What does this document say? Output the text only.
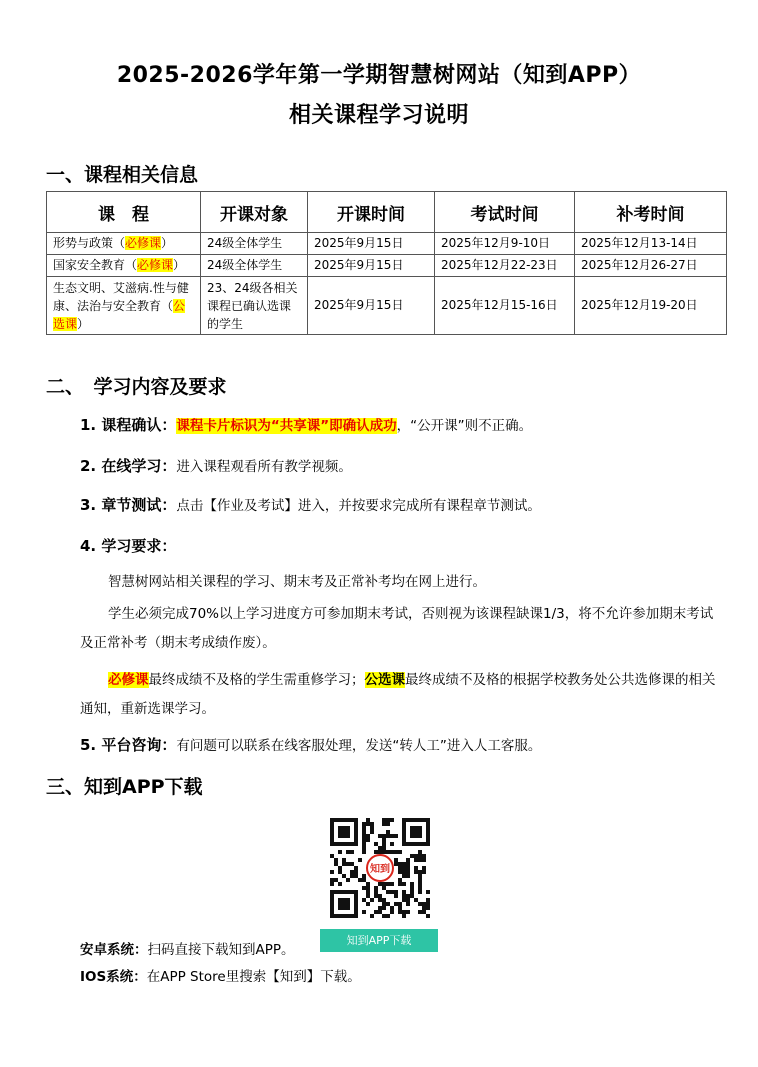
2025-2026学年第一学期智慧树网站（知到APP）
相关课程学习说明
一、课程相关信息
课　程	开课对象	开课时间	考试时间	补考时间
形势与政策（必修课）	24级全体学生	2025年9月15日	2025年12月9-10日	2025年12月13-14日
国家安全教育（必修课）	24级全体学生	2025年9月15日	2025年12月22-23日	2025年12月26-27日
生态文明、艾滋病.性与健康、法治与安全教育（公选课）	23、24级各相关课程已确认选课的学生	2025年9月15日	2025年12月15-16日	2025年12月19-20日
二、　学习内容及要求
1. 课程确认：课程卡片标识为“共享课”即确认成功，“公开课”则不正确。
2. 在线学习：进入课程观看所有教学视频。
3. 章节测试：点击【作业及考试】进入，并按要求完成所有课程章节测试。
4. 学习要求：
智慧树网站相关课程的学习、期末考及正常补考均在网上进行。
学生必须完成70%以上学习进度方可参加期末考试，否则视为该课程缺课1/3，将不允许参加期末考试及正常补考（期末考成绩作废）。
必修课最终成绩不及格的学生需重修学习；公选课最终成绩不及格的根据学校教务处公共选修课的相关通知，重新选课学习。
5. 平台咨询：有问题可以联系在线客服处理，发送“转人工”进入人工客服。
三、知到APP下载
知到
知到APP下载
安卓系统：扫码直接下载知到APP。
IOS系统：在APP Store里搜索【知到】下载。
